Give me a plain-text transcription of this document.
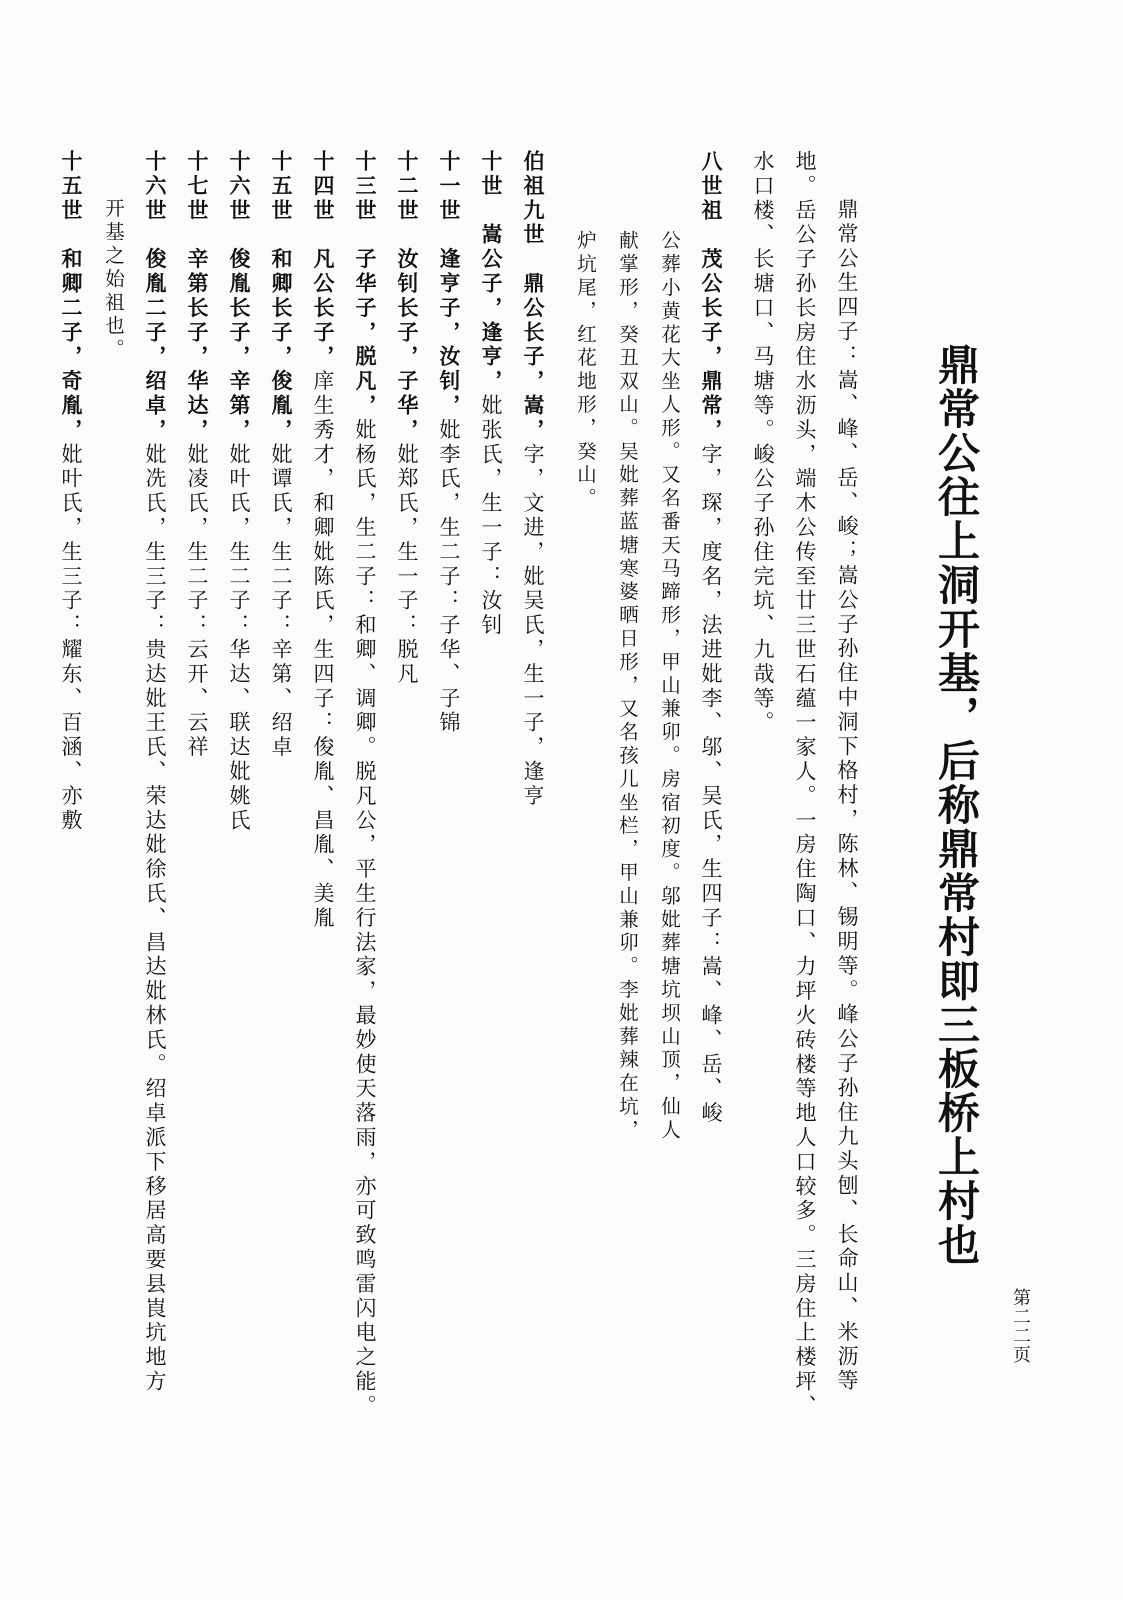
鼎常公往上洞开基，后称鼎常村即三板桥上村也
第二二页

鼎常公生四子：嵩、峰、岳、峻；嵩公子孙住中洞下格村，陈林、锡明等。峰公子孙住九头刨、长命山、米沥等

地。岳公子孙长房住水沥头，端木公传至廿三世石蕴一家人。一房住陶口、力坪火砖楼等地人口较多。三房住上楼坪、

水口楼、长塘口、马塘等。峻公子孙住完坑、九哉等。

八世祖　茂公长子，鼎常，字，琛，度名，法进妣李、邬、吴氏，生四子：嵩、峰、岳、峻

公葬小黄花大坐人形。又名番天马蹄形，甲山兼卯。房宿初度。邬妣葬塘坑坝山顶，仙人

献掌形，癸丑双山。吴妣葬蓝塘寒婆晒日形，又名孩儿坐栏，甲山兼卯。李妣葬辣在坑，

炉坑尾，红花地形，癸山。

伯祖九世　鼎公长子，嵩，字，文进，妣吴氏，生一子，逢亨

十世　嵩公子，逢亨，妣张氏，生一子：汝钊

十一世　逢亨子，汝钊，妣李氏，生二子：子华、子锦

十二世　汝钊长子，子华，妣郑氏，生一子：脱凡

十三世　子华子，脱凡，妣杨氏，生二子：和卿、调卿。脱凡公，平生行法家，最妙使天落雨，亦可致鸣雷闪电之能。

十四世　凡公长子，庠生秀才，和卿妣陈氏，生四子：俊胤、昌胤、美胤

十五世　和卿长子，俊胤，妣谭氏，生二子：辛第、绍卓

十六世　俊胤长子，辛第，妣叶氏，生二子：华达、联达妣姚氏

十七世　辛第长子，华达，妣凌氏，生二子：云开、云祥

十六世　俊胤二子，绍卓，妣冼氏，生三子：贵达妣王氏、荣达妣徐氏、昌达妣林氏。绍卓派下移居高要县崀坑地方

开基之始祖也。

十五世　和卿二子，奇胤，妣叶氏，生三子：耀东、百涵、亦敷
